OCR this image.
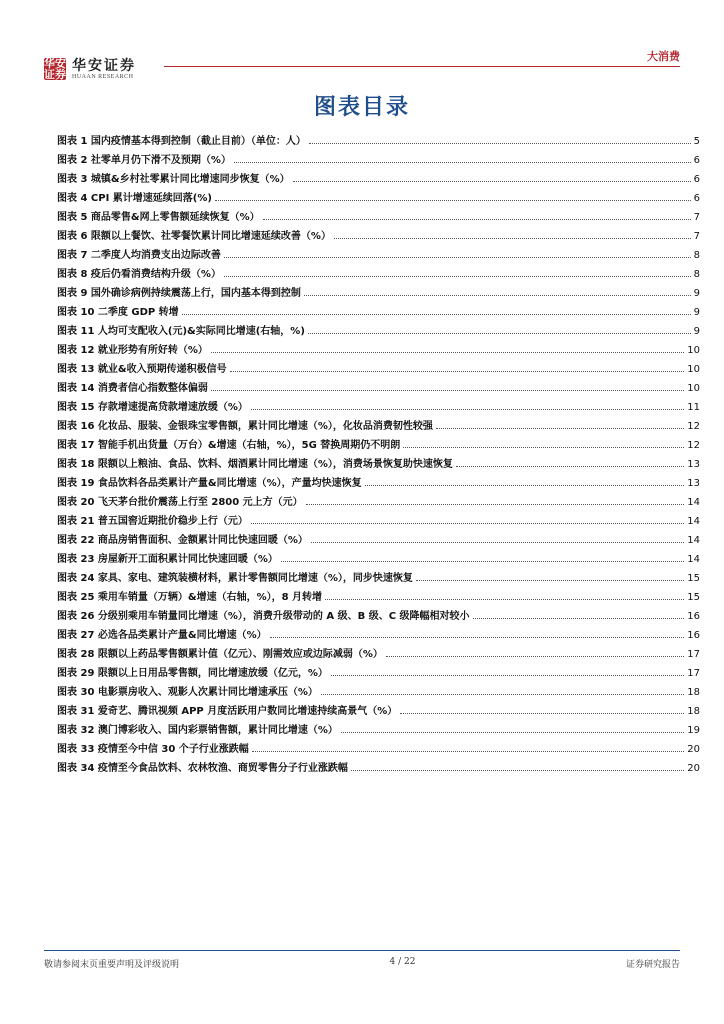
华 安
证 券
华安证券
HUAAN RESEARCH
大消费
图表目录
图表 1 国内疫情基本得到控制（截止目前）（单位：人）	5
图表 2 社零单月仍下滑不及预期（%）	6
图表 3 城镇&乡村社零累计同比增速同步恢复（%）	6
图表 4 CPI 累计增速延续回落(%)	6
图表 5 商品零售&网上零售额延续恢复（%）	7
图表 6 限额以上餐饮、社零餐饮累计同比增速延续改善（%）	7
图表 7 二季度人均消费支出边际改善	8
图表 8 疫后仍看消费结构升级（%）	8
图表 9 国外确诊病例持续震荡上行，国内基本得到控制	9
图表 10 二季度 GDP 转增	9
图表 11 人均可支配收入(元)&实际同比增速(右轴，%)	9
图表 12 就业形势有所好转（%）	10
图表 13 就业&收入预期传递积极信号	10
图表 14 消费者信心指数整体偏弱	10
图表 15 存款增速提高贷款增速放缓（%）	11
图表 16 化妆品、服装、金银珠宝零售额，累计同比增速（%），化妆品消费韧性较强	12
图表 17 智能手机出货量（万台）&增速（右轴，%），5G 替换周期仍不明朗	12
图表 18 限额以上粮油、食品、饮料、烟酒累计同比增速（%），消费场景恢复助快速恢复	13
图表 19 食品饮料各品类累计产量&同比增速（%），产量均快速恢复	13
图表 20 飞天茅台批价震荡上行至 2800 元上方（元）	14
图表 21 普五国窖近期批价稳步上行（元）	14
图表 22 商品房销售面积、金额累计同比快速回暖（%）	14
图表 23 房屋新开工面积累计同比快速回暖（%）	14
图表 24 家具、家电、建筑装横材料，累计零售额同比增速（%），同步快速恢复	15
图表 25 乘用车销量（万辆）&增速（右轴，%），8 月转增	15
图表 26 分级别乘用车销量同比增速（%），消费升级带动的 A 级、B 级、C 级降幅相对较小	16
图表 27 必选各品类累计产量&同比增速（%）	16
图表 28 限额以上药品零售额累计值（亿元）、刚需效应或边际减弱（%）	17
图表 29 限额以上日用品零售额，同比增速放缓（亿元，%）	17
图表 30 电影票房收入、观影人次累计同比增速承压（%）	18
图表 31 爱奇艺、腾讯视频 APP 月度活跃用户数同比增速持续高景气（%）	18
图表 32 澳门博彩收入、国内彩票销售额，累计同比增速（%）	19
图表 33 疫情至今中信 30 个子行业涨跌幅	20
图表 34 疫情至今食品饮料、农林牧渔、商贸零售分子行业涨跌幅	20
敬请参阅末页重要声明及评级说明	4 / 22	证券研究报告
